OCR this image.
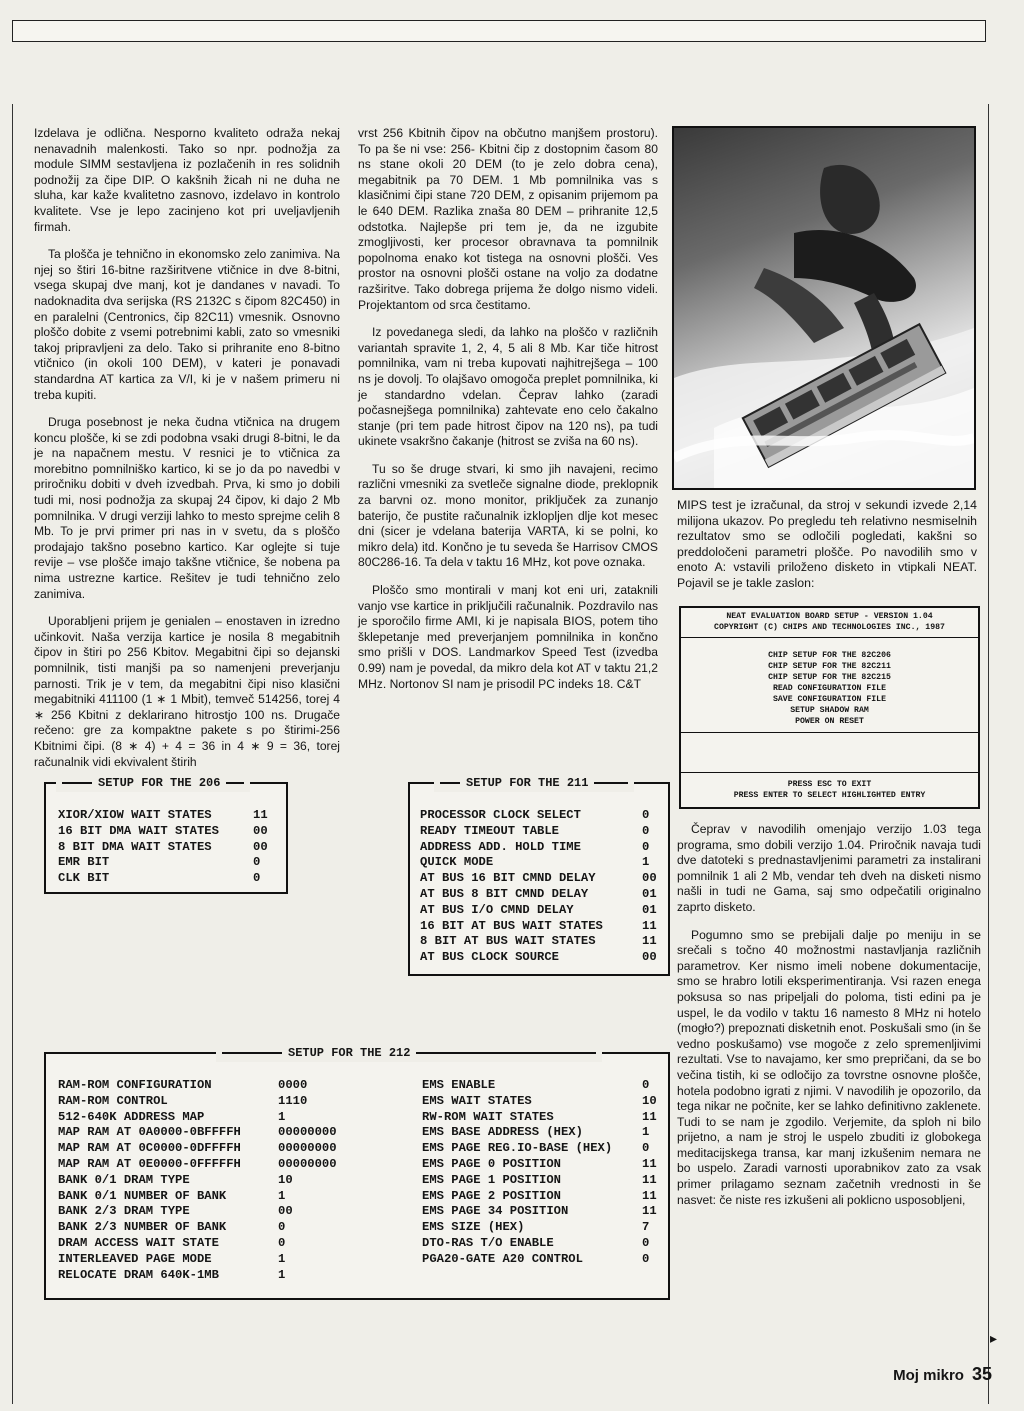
Izdelava je odlična. Nesporno kvaliteto odraža nekaj nenavadnih malenkosti. Tako so npr. podnožja za module SIMM sestavljena iz pozlačenih in res solidnih podnožij za čipe DIP. O kakšnih žicah ni ne duha ne sluha, kar kaže kvalitetno zasnovo, izdelavo in kontrolo kvalitete. Vse je lepo zacinjeno kot pri uveljavljenih firmah.

Ta plošča je tehnično in ekonomsko zelo zanimiva. Na njej so štiri 16-bitne razširitvene vtičnice in dve 8-bitni, vsega skupaj dve manj, kot je dandanes v navadi. To nadoknadita dva serijska (RS 2132C s čipom 82C450) in en paralelni (Centronics, čip 82C11) vmesnik. Osnovno ploščo dobite z vsemi potrebnimi kabli, zato so vmesniki takoj pripravljeni za delo. Tako si prihranite eno 8-bitno vtičnico (in okoli 100 DEM), v kateri je ponavadi standardna AT kartica za V/I, ki je v našem primeru ni treba kupiti.

Druga posebnost je neka čudna vtičnica na drugem koncu plošče, ki se zdi podobna vsaki drugi 8-bitni, le da je na napačnem mestu. V resnici je to vtičnica za morebitno pomnilniško kartico, ki se jo da po navedbi v priročniku dobiti v dveh izvedbah. Prva, ki smo jo dobili tudi mi, nosi podnožja za skupaj 24 čipov, ki dajo 2 Mb pomnilnika. V drugi verziji lahko to mesto sprejme celih 8 Mb. To je prvi primer pri nas in v svetu, da s ploščo prodajajo takšno posebno kartico. Kar oglejte si tuje revije – vse plošče imajo takšne vtičnice, še nobena pa nima ustrezne kartice. Rešitev je tudi tehnično zelo zanimiva.

Uporabljeni prijem je genialen – enostaven in izredno učinkovit. Naša verzija kartice je nosila 8 megabitnih čipov in štiri po 256 Kbitov. Megabitni čipi so dejanski pomnilnik, tisti manjši pa so namenjeni preverjanju parnosti. Trik je v tem, da megabitni čipi niso klasični megabitniki 411100 (1 ∗ 1 Mbit), temveč 514256, torej 4 ∗ 256 Kbitni z deklariranо hitrostjo 100 ns. Drugače rečeno: gre za kompaktne pakete s po štirimi-256 Kbitnimi čipi. (8 ∗ 4) + 4 = 36 in 4 ∗ 9 = 36, torej računalnik vidi ekvivalent štirih

vrst 256 Kbitnih čipov na občutno manjšem prostoru). To pa še ni vse: 256- Kbitni čip z dostopnim časom 80 ns stane okoli 20 DEM (to je zelo dobra cena), megabitnik pa 70 DEM. 1 Mb pomnilnika vas s klasičnimi čipi stane 720 DEM, z opisanim prijemom pa le 640 DEM. Razlika znaša 80 DEM – prihranite 12,5 odstotka. Najlepše pri tem je, da ne izgubite zmogljivosti, ker procesor obravnava ta pomnilnik popolnoma enako kot tistega na osnovni plošči. Ves prostor na osnovni plošči ostane na voljo za dodatne razširitve. Tako dobrega prijema že dolgo nismo videli. Projektantom od srca čestitamo.

Iz povedanega sledi, da lahko na ploščo v različnih variantah spravite 1, 2, 4, 5 ali 8 Mb. Kar tiče hitrost pomnilnika, vam ni treba kupovati najhitrejšega – 100 ns je dovolj. To olajšavo omogoča preplet pomnilnika, ki je standardno vdelan. Čeprav lahko (zaradi počasnejšega pomnilnika) zahtevate eno celo čakalno stanje (pri tem pade hitrost čipov na 120 ns), pa tudi ukinete vsakršno čakanje (hitrost se zviša na 60 ns).

Tu so še druge stvari, ki smo jih navajeni, recimo različni vmesniki za svetleče signalne diode, preklopnik za barvni oz. mono monitor, priključek za zunanjo baterijo, če pustite računalnik izklopljen dlje kot mesec dni (sicer je vdelana baterija VARTA, ki se polni, ko mikro dela) itd. Končno je tu seveda še Harrisov CMOS 80C286-16. Ta dela v taktu 16 MHz, kot pove oznaka.

Ploščo smo montirali v manj kot eni uri, zataknili vanjo vse kartice in priključili računalnik. Pozdravilo nas je sporočilo firme AMI, ki je napisala BIOS, potem tiho šklepetanje med preverjanjem pomnilnika in končno smo prišli v DOS. Landmarkov Speed Test (izvedba 0.99) nam je povedal, da mikro dela kot AT v taktu 21,2 MHz. Nortonov SI nam je prisodil PC indeks 18. C&T

MIPS test je izračunal, da stroj v sekundi izvede 2,14 milijona ukazov. Po pregledu teh relativno nesmiselnih rezultatov smo se odločili pogledati, kakšni so preddoločeni parametri plošče. Po navodilih smo v enoto A: vstavili priloženo disketo in vtipkali NEAT. Pojavil se je takle zaslon:

NEAT EVALUATION BOARD SETUP - VERSION 1.04
COPYRIGHT (C) CHIPS AND TECHNOLOGIES INC., 1987
CHIP SETUP FOR THE 82C206
CHIP SETUP FOR THE 82C211
CHIP SETUP FOR THE 82C215
READ CONFIGURATION FILE
SAVE CONFIGURATION FILE
SETUP SHADOW RAM
POWER ON RESET
PRESS ESC TO EXIT
PRESS ENTER TO SELECT HIGHLIGHTED ENTRY

Čeprav v navodilih omenjajo verzijo 1.03 tega programa, smo dobili verzijo 1.04. Priročnik navaja tudi dve datoteki s prednastavljenimi parametri za instalirani pomnilnik 1 ali 2 Mb, vendar teh dveh na disketi nismo našli in tudi ne Gama, saj smo odpečatili originalno zaprto disketo.

Pogumno smo se prebijali dalje po meniju in se srečali s točno 40 možnostmi nastavljanja različnih parametrov. Ker nismo imeli nobene dokumentacije, smo se hrabro lotili eksperimentiranja. Vsi razen enega poksusa so nas pripeljali do poloma, tisti edini pa je uspel, le da vodilo v taktu 16 namesto 8 MHz ni hotelo (mogło?) prepoznati disketnih enot. Poskušali smo (in še vedno poskušamo) vse mogoče z zelo spremenljivimi rezultati. Vse to navajamo, ker smo prepričani, da se bo večina tistih, ki se odločijo za tovrstne osnovne plošče, hotela podobno igrati z njimi. V navodilih je opozorilo, da tega nikar ne počnite, ker se lahko definitivno zaklenete. Tudi to se nam je zgodilo. Verjemite, da sploh ni bilo prijetno, a nam je stroj le uspelo zbuditi iz globokega meditacijskega transa, kar manj izkušenim nemara ne bo uspelo. Zaradi varnosti uporabnikov zato za vsak primer prilagamo seznam začetnih vrednosti in še nasvet: če niste res izkušeni ali poklicno usposobljeni,

SETUP FOR THE 206
XIOR/XIOW WAIT STATES	11
16 BIT DMA WAIT STATES	00
8 BIT DMA WAIT STATES	00
EMR BIT	0
CLK BIT	0
SETUP FOR THE 211
PROCESSOR CLOCK SELECT	0
READY TIMEOUT TABLE	0
ADDRESS ADD. HOLD TIME	0
QUICK MODE	1
AT BUS 16 BIT CMND DELAY	00
AT BUS 8 BIT CMND DELAY	01
AT BUS I/O CMND DELAY	01
16 BIT AT BUS WAIT STATES	11
8 BIT AT BUS WAIT STATES	11
AT BUS CLOCK SOURCE	00
SETUP FOR THE 212
RAM-ROM CONFIGURATION	0000
RAM-ROM CONTROL	1110
512-640K ADDRESS MAP	1
MAP RAM AT 0A0000-0BFFFFH	00000000
MAP RAM AT 0C0000-0DFFFFH	00000000
MAP RAM AT 0E0000-0FFFFFH	00000000
BANK 0/1 DRAM TYPE	10
BANK 0/1 NUMBER OF BANK	1
BANK 2/3 DRAM TYPE	00
BANK 2/3 NUMBER OF BANK	0
DRAM ACCESS WAIT STATE	0
INTERLEAVED PAGE MODE	1
RELOCATE DRAM 640K-1MB	1
EMS ENABLE	0
EMS WAIT STATES	10
RW-ROM WAIT STATES	11
EMS BASE ADDRESS (HEX)	1
EMS PAGE REG.IO-BASE (HEX)	0
EMS PAGE 0 POSITION	11
EMS PAGE 1 POSITION	11
EMS PAGE 2 POSITION	11
EMS PAGE 34 POSITION	11
EMS SIZE (HEX)	7
DTO-RAS T/O ENABLE	0
PGA20-GATE A20 CONTROL	0
▸
Moj mikro 35
